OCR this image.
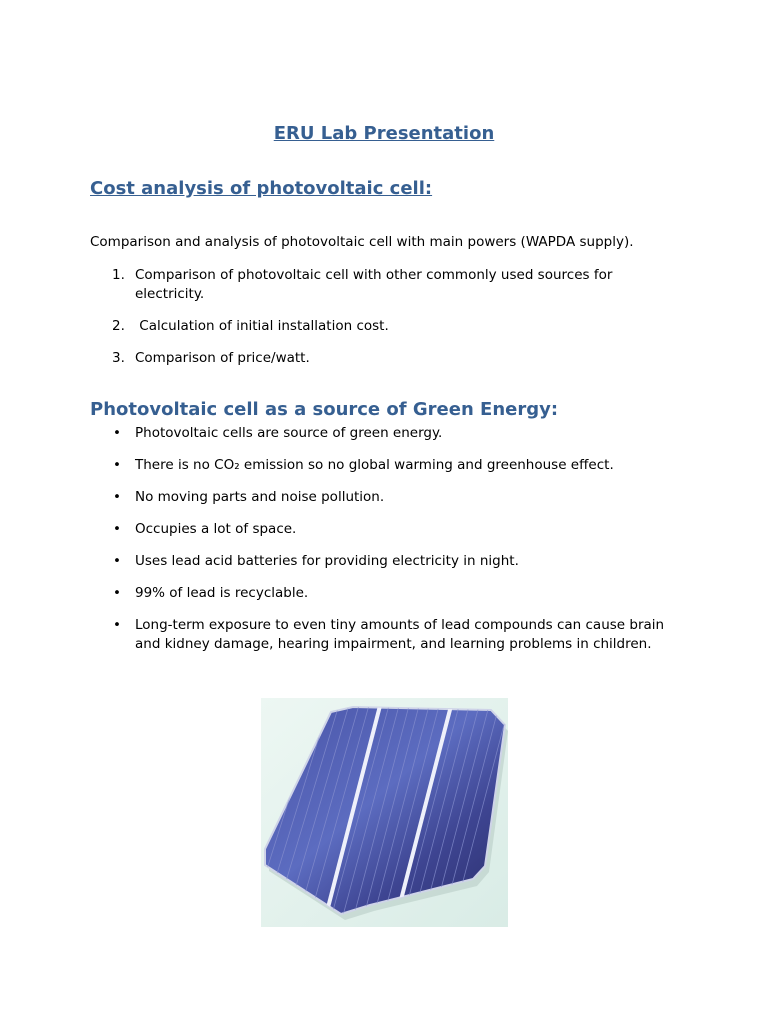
ERU Lab Presentation
Cost analysis of photovoltaic cell:

Comparison and analysis of photovoltaic cell with main powers (WAPDA supply).

1. Comparison of photovoltaic cell with other commonly used sources for electricity.
2. Calculation of initial installation cost.
3. Comparison of price/watt.
Photovoltaic cell as a source of Green Energy:
• Photovoltaic cells are source of green energy.
• There is no CO₂ emission so no global warming and greenhouse effect.
• No moving parts and noise pollution.
• Occupies a lot of space.
• Uses lead acid batteries for providing electricity in night.
• 99% of lead is recyclable.
• Long-term exposure to even tiny amounts of lead compounds can cause brain and kidney damage, hearing impairment, and learning problems in children.
